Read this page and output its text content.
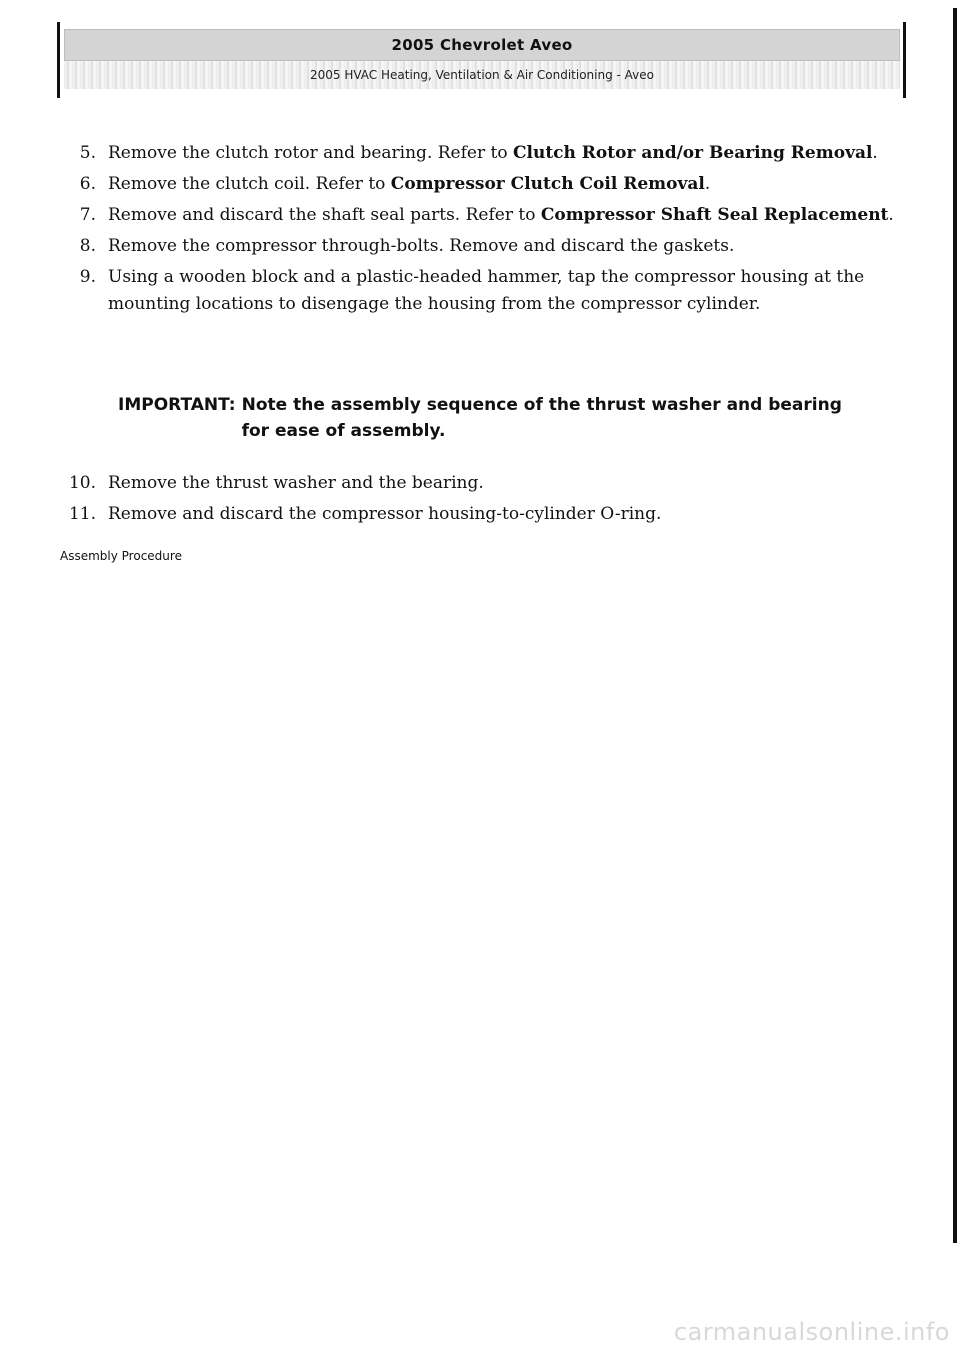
2005 Chevrolet Aveo
2005 HVAC Heating, Ventilation & Air Conditioning - Aveo
5. Remove the clutch rotor and bearing. Refer to Clutch Rotor and/or Bearing Removal.
6. Remove the clutch coil. Refer to Compressor Clutch Coil Removal.
7. Remove and discard the shaft seal parts. Refer to Compressor Shaft Seal Replacement.
8. Remove the compressor through-bolts. Remove and discard the gaskets.
9. Using a wooden block and a plastic-headed hammer, tap the compressor housing at the mounting locations to disengage the housing from the compressor cylinder.
IMPORTANT: Note the assembly sequence of the thrust washer and bearing for ease of assembly.
10. Remove the thrust washer and the bearing.
11. Remove and discard the compressor housing-to-cylinder O-ring.
Assembly Procedure
carmanualsonline.info
